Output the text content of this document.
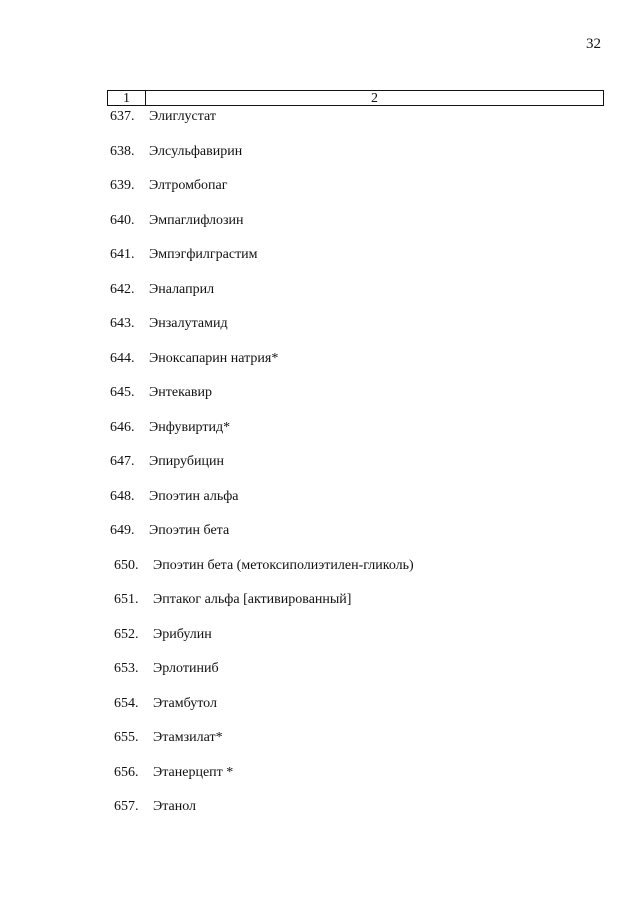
32
1	2
637. Элиглустат
638. Элсульфавирин
639. Элтромбопаг
640. Эмпаглифлозин
641. Эмпэгфилграстим
642. Эналаприл
643. Энзалутамид
644. Эноксапарин натрия*
645. Энтекавир
646. Энфувиртид*
647. Эпирубицин
648. Эпоэтин альфа
649. Эпоэтин бета
650. Эпоэтин бета (метоксиполиэтилен-гликоль)
651. Эптаког альфа [активированный]
652. Эрибулин
653. Эрлотиниб
654. Этамбутол
655. Этамзилат*
656. Этанерцепт *
657. Этанол
